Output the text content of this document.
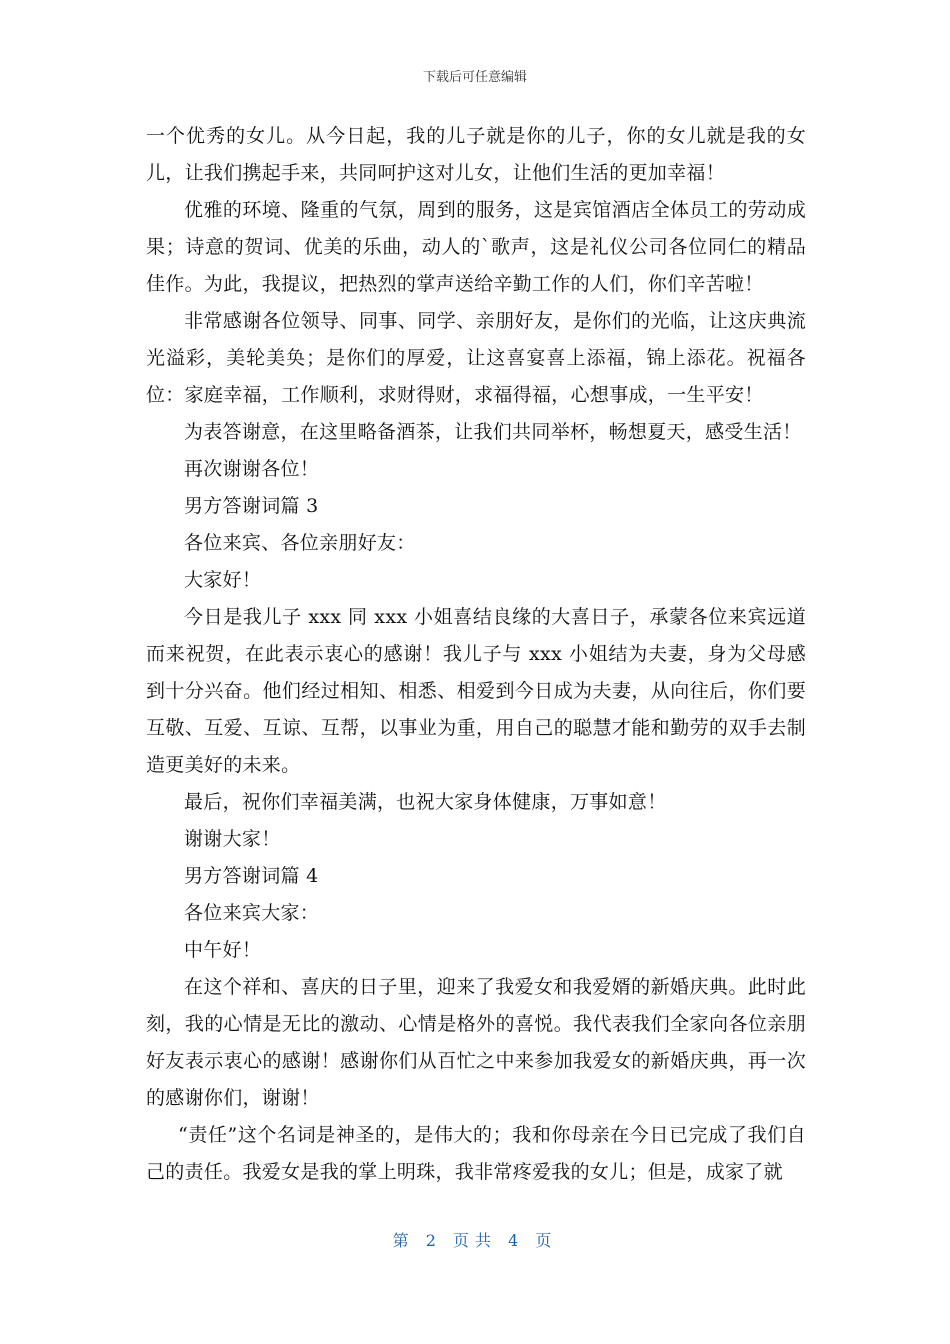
下载后可任意编辑

一个优秀的女儿。从今日起，我的儿子就是你的儿子，你的女儿就是我的女儿，让我们携起手来，共同呵护这对儿女，让他们生活的更加幸福！

优雅的环境、隆重的气氛，周到的服务，这是宾馆酒店全体员工的劳动成果；诗意的贺词、优美的乐曲，动人的`歌声，这是礼仪公司各位同仁的精品佳作。为此，我提议，把热烈的掌声送给辛勤工作的人们，你们辛苦啦！

非常感谢各位领导、同事、同学、亲朋好友，是你们的光临，让这庆典流光溢彩，美轮美奂；是你们的厚爱，让这喜宴喜上添福，锦上添花。祝福各位：家庭幸福，工作顺利，求财得财，求福得福，心想事成，一生平安！

为表答谢意，在这里略备酒茶，让我们共同举杯，畅想夏天，感受生活！

再次谢谢各位！

男方答谢词篇 3

各位来宾、各位亲朋好友：

大家好！

今日是我儿子 xxx 同 xxx 小姐喜结良缘的大喜日子，承蒙各位来宾远道而来祝贺，在此表示衷心的感谢！我儿子与 xxx 小姐结为夫妻，身为父母感到十分兴奋。他们经过相知、相悉、相爱到今日成为夫妻，从向往后，你们要互敬、互爱、互谅、互帮，以事业为重，用自己的聪慧才能和勤劳的双手去制造更美好的未来。

最后，祝你们幸福美满，也祝大家身体健康，万事如意！

谢谢大家！

男方答谢词篇 4

各位来宾大家：

中午好！

在这个祥和、喜庆的日子里，迎来了我爱女和我爱婿的新婚庆典。此时此刻，我的心情是无比的激动、心情是格外的喜悦。我代表我们全家向各位亲朋好友表示衷心的感谢！感谢你们从百忙之中来参加我爱女的新婚庆典，再一次的感谢你们，谢谢！

“责任”这个名词是神圣的，是伟大的；我和你母亲在今日已完成了我们自己的责任。我爱女是我的掌上明珠，我非常疼爱我的女儿；但是，成家了就

第 2 页共 4 页
